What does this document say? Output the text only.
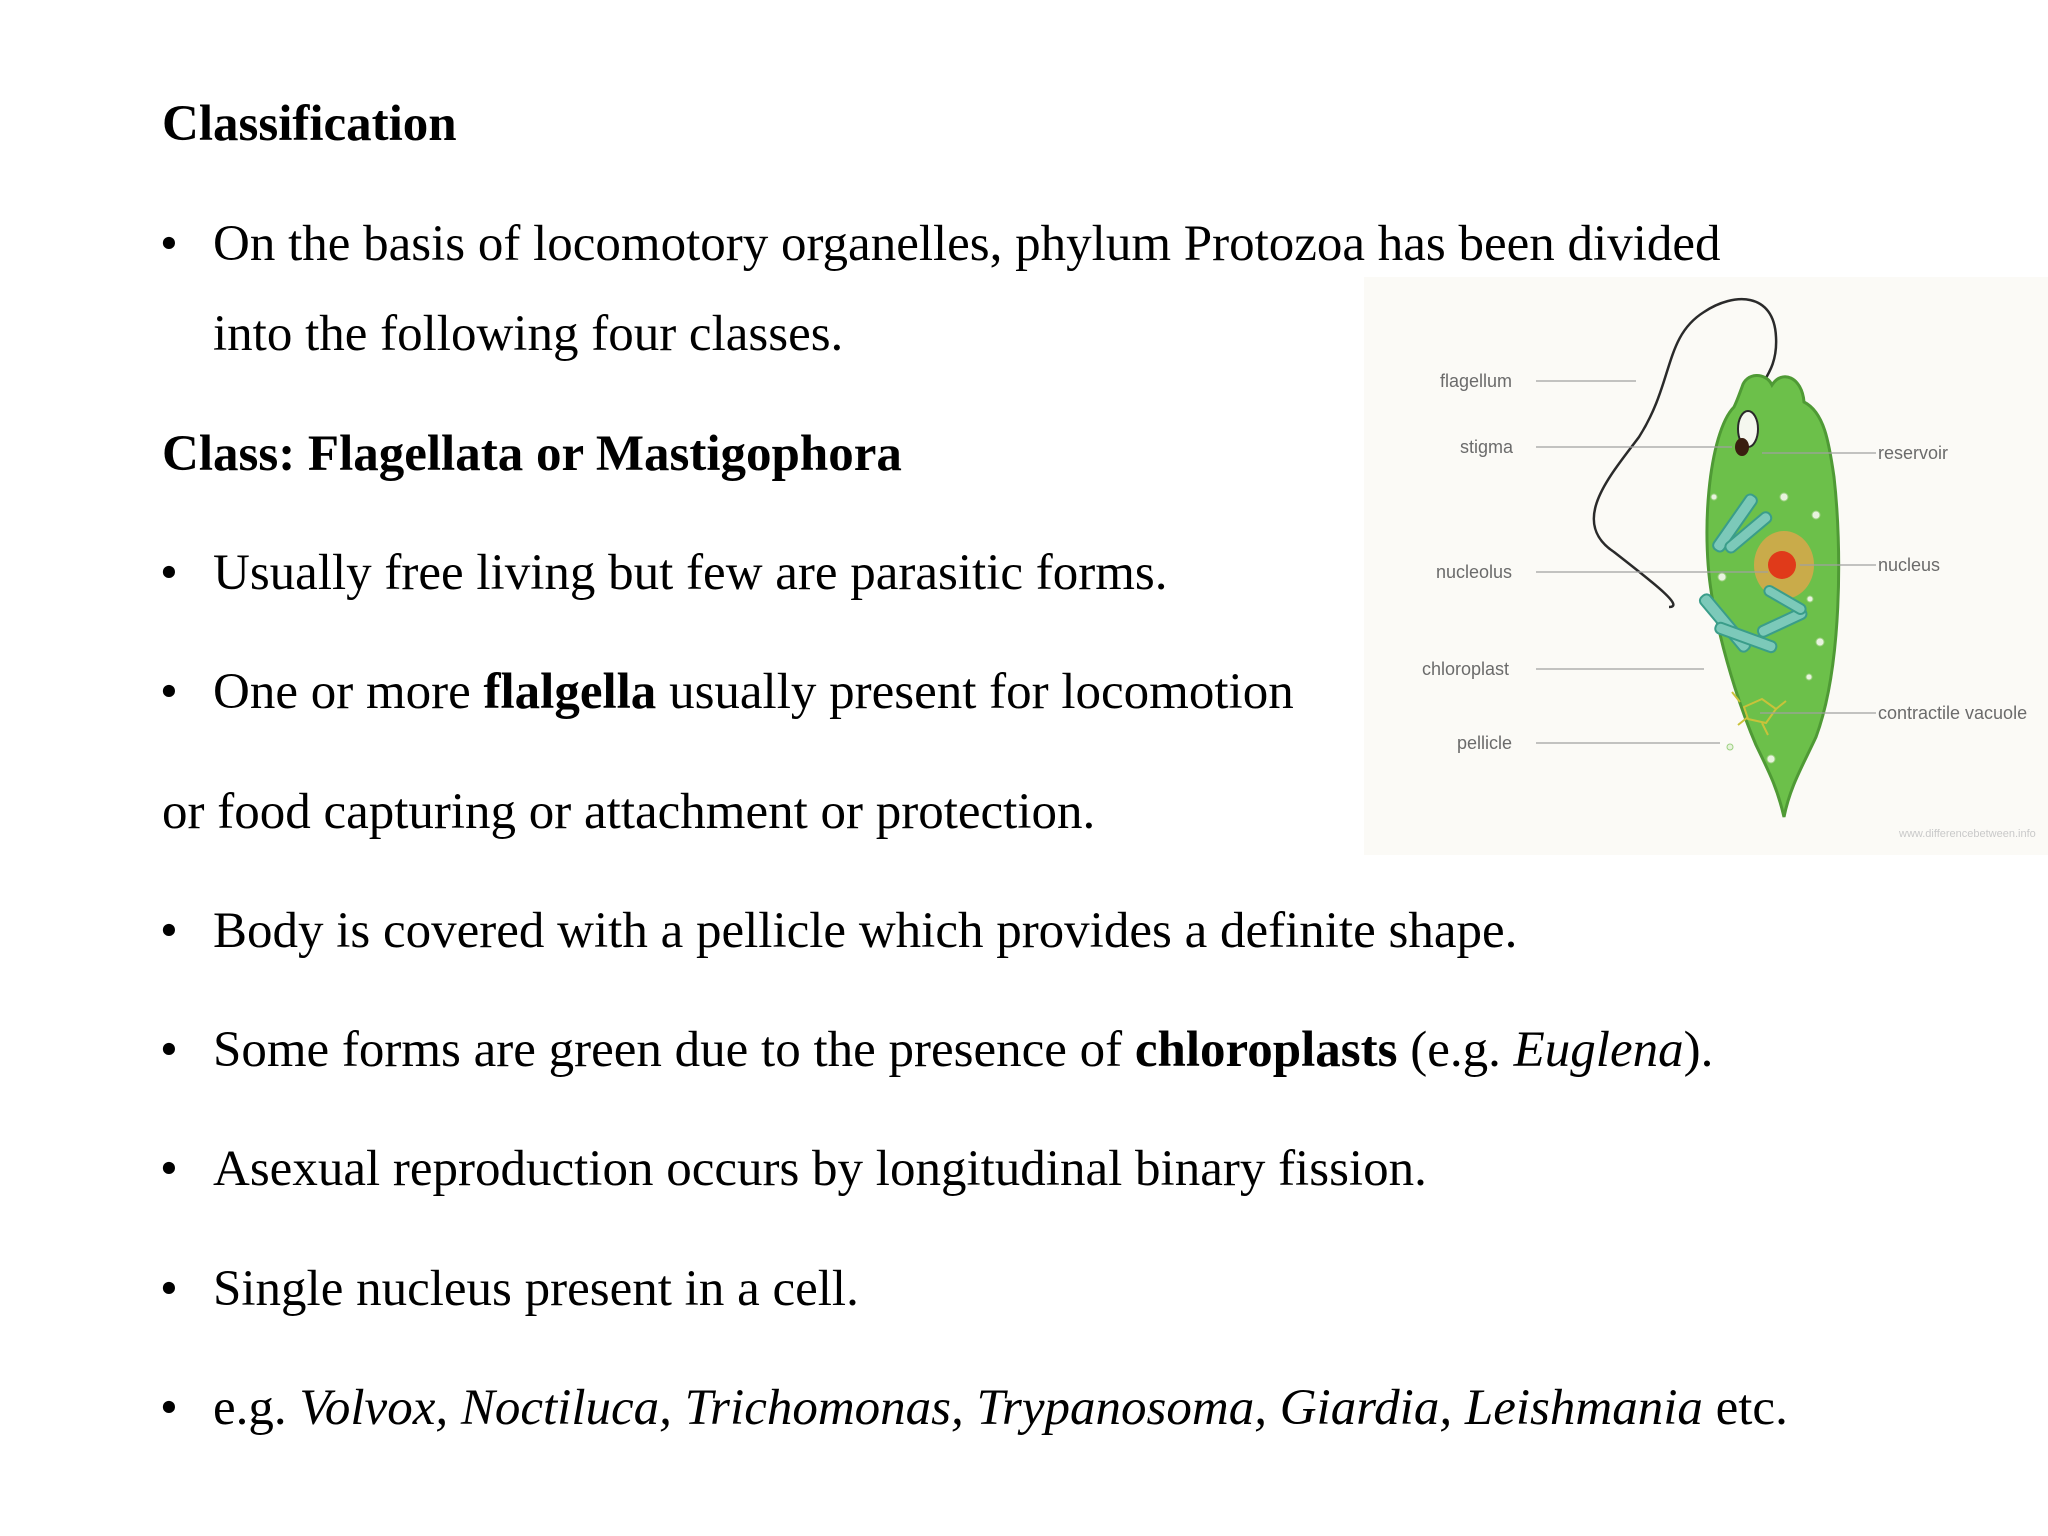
Classification
• On the basis of locomotory organelles, phylum Protozoa has been divided
into the following four classes.
Class: Flagellata or Mastigophora
• Usually free living but few are parasitic forms.
• One or more flalgella usually present for locomotion
or food capturing or attachment or protection.
• Body is covered with a pellicle which provides a definite shape.
• Some forms are green due to the presence of chloroplasts (e.g. Euglena).
• Asexual reproduction occurs by longitudinal binary fission.
• Single nucleus present in a cell.
• e.g. Volvox, Noctiluca, Trichomonas, Trypanosoma, Giardia, Leishmania etc.
flagellum
stigma
nucleolus
chloroplast
pellicle
reservoir
nucleus
contractile vacuole
www.differencebetween.info
